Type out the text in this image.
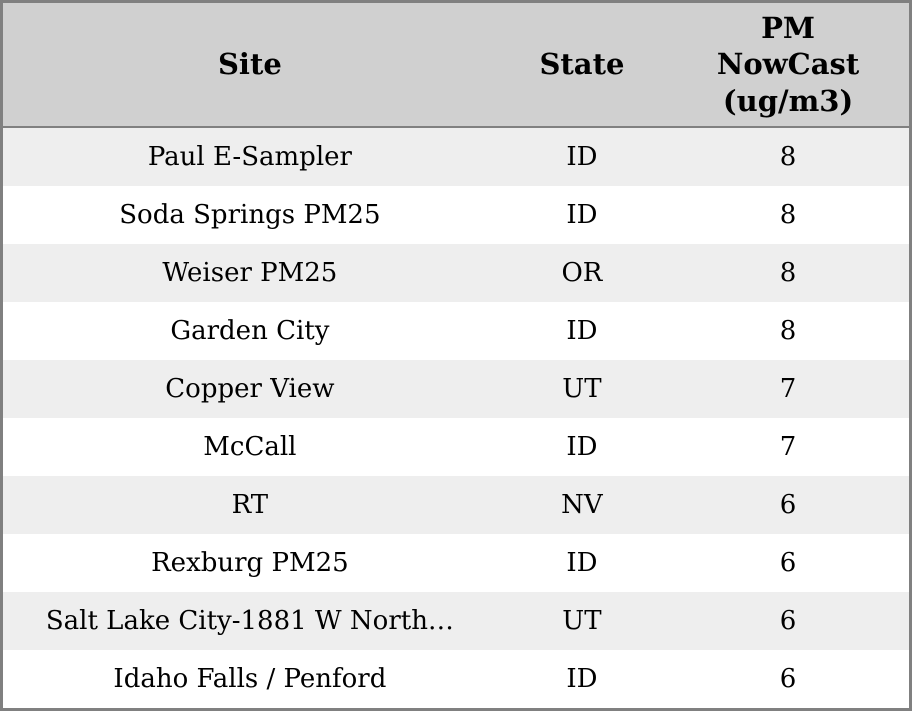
Site	State	PM NowCast (ug/m3)
Paul E-Sampler	ID	8
Soda Springs PM25	ID	8
Weiser PM25	OR	8
Garden City	ID	8
Copper View	UT	7
McCall	ID	7
RT	NV	6
Rexburg PM25	ID	6
Salt Lake City-1881 W North…	UT	6
Idaho Falls / Penford	ID	6
